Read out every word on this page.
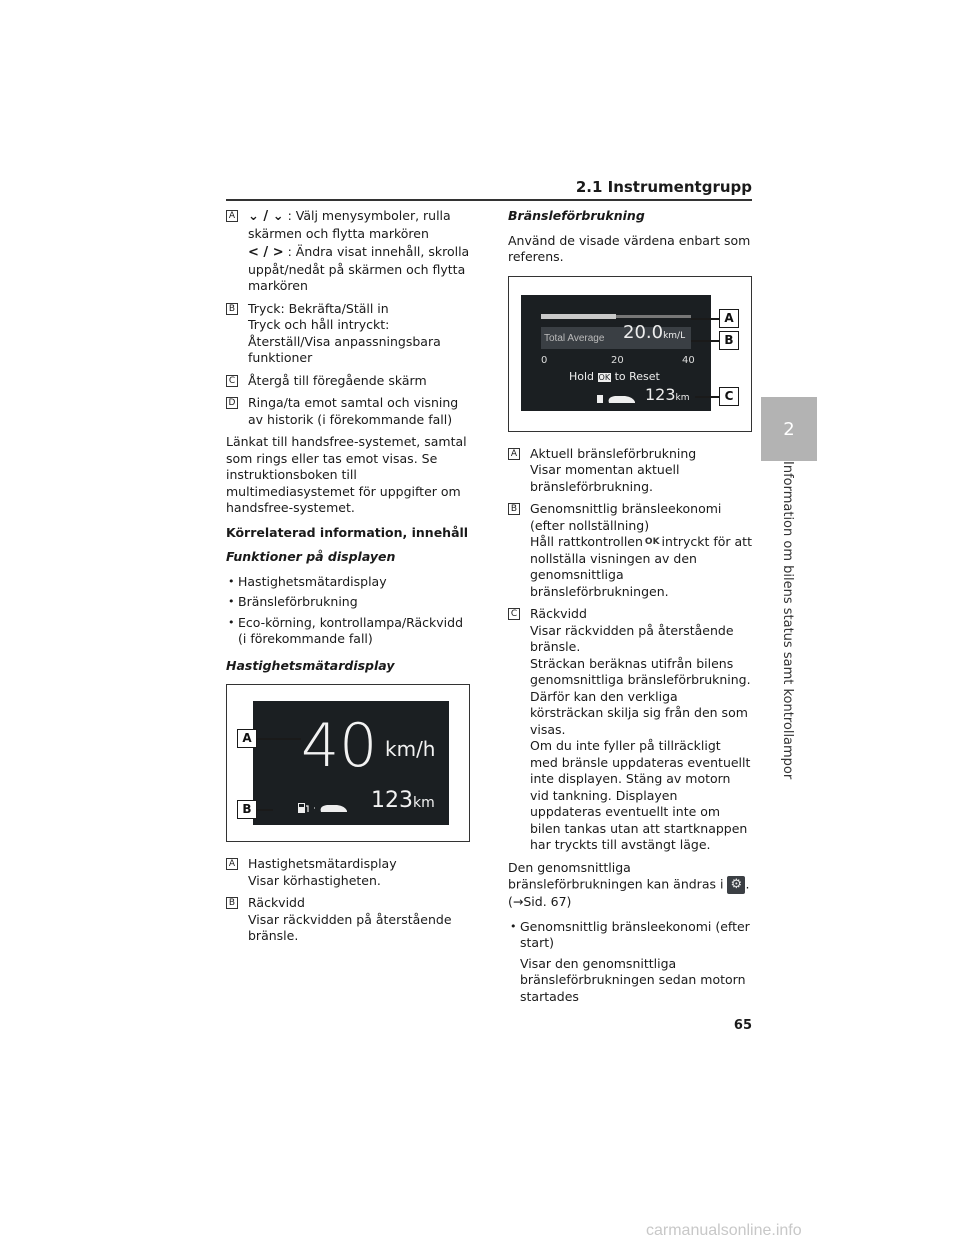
2.1 Instrumentgrupp
2
Information om bilens status samt kontrollampor
A ⌄ / ⌄ : Välj menysymboler, rulla skärmen och flytta markören
< / > : Ändra visat innehåll, skrolla uppåt/nedåt på skärmen och flytta markören
B Tryck: Bekräfta/Ställ in
Tryck och håll intryckt: Återställ/Visa anpassningsbara funktioner
C Återgå till föregående skärm
D Ringa/ta emot samtal och visning av historik (i förekommande fall)

Länkat till handsfree-systemet, samtal som rings eller tas emot visas. Se instruktionsboken till multimediasystemet för uppgifter om handsfree-systemet.

Körrelaterad information, innehåll

Funktioner på displayen

• Hastighetsmätardisplay
• Bränsleförbrukning
• Eco-körning, kontrollampa/Räckvidd (i förekommande fall)

Hastighetsmätardisplay

40 km/h
123km
A
B
A Hastighetsmätardisplay
Visar körhastigheten.
B Räckvidd
Visar räckvidden på återstående bränsle.

Bränsleförbrukning

Använd de visade värdena enbart som referens.

Total Average 20.0km/L
0	20	40
Hold OK to Reset
123km
A
B
C
A Aktuell bränsleförbrukning
Visar momentan aktuell bränsleförbrukning.
B Genomsnittlig bränsleekonomi (efter nollställning)
Håll rattkontrollen OK intryckt för att nollställa visningen av den genomsnittliga bränsleförbrukningen.
C Räckvidd
Visar räckvidden på återstående bränsle.
Sträckan beräknas utifrån bilens genomsnittliga bränsleförbrukning. Därför kan den verkliga körsträckan skilja sig från den som visas.
Om du inte fyller på tillräckligt med bränsle uppdateras eventuellt inte displayen. Stäng av motorn vid tankning. Displayen uppdateras eventuellt inte om bilen tankas utan att startknappen har tryckts till avstängt läge.

Den genomsnittliga bränsleförbrukningen kan ändras i ⚙ .
(→Sid. 67)

• Genomsnittlig bränsleekonomi (efter start)

Visar den genomsnittliga bränsleförbrukningen sedan motorn startades

65
carmanualsonline.info
